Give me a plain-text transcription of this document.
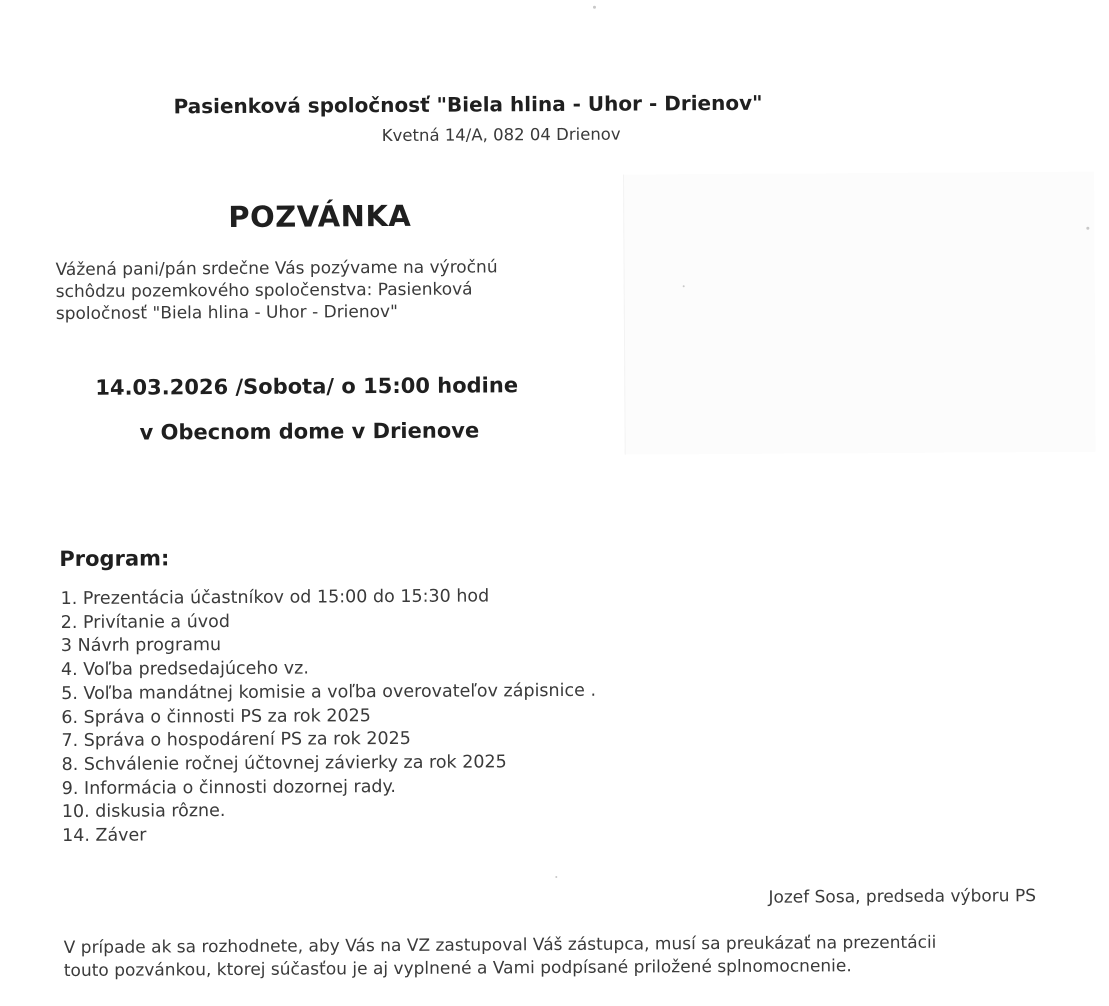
Pasienková spoločnosť "Biela hlina - Uhor - Drienov"
Kvetná 14/A, 082 04 Drienov
POZVÁNKA
Vážená pani/pán srdečne Vás pozývame na výročnú
schôdzu pozemkového spoločenstva: Pasienková
spoločnosť "Biela hlina - Uhor - Drienov"
14.03.2026 /Sobota/ o 15:00 hodine
v Obecnom dome v Drienove
Program:
1. Prezentácia účastníkov od 15:00 do 15:30 hod
2. Privítanie a úvod
3 Návrh programu
4. Voľba predsedajúceho vz.
5. Voľba mandátnej komisie a voľba overovateľov zápisnice .
6. Správa o činnosti PS za rok 2025
7. Správa o hospodárení PS za rok 2025
8. Schválenie ročnej účtovnej závierky za rok 2025
9. Informácia o činnosti dozornej rady.
10. diskusia rôzne.
14. Záver
Jozef Sosa, predseda výboru PS
V prípade ak sa rozhodnete, aby Vás na VZ zastupoval Váš zástupca, musí sa preukázať na prezentácii
touto pozvánkou, ktorej súčasťou je aj vyplnené a Vami podpísané priložené splnomocnenie.
